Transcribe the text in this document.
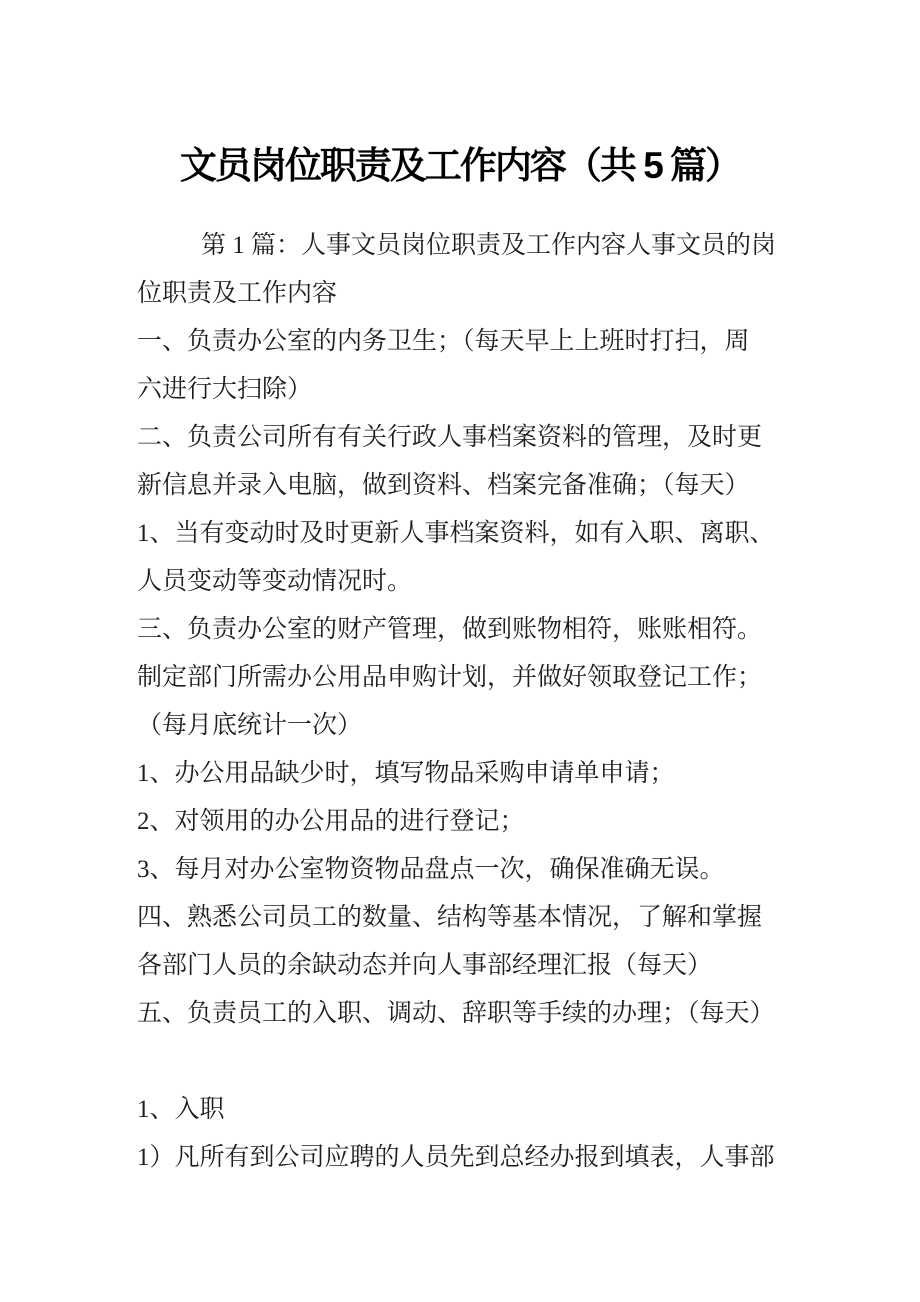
文员岗位职责及工作内容（共 5 篇）
第 1 篇：人事文员岗位职责及工作内容人事文员的岗
位职责及工作内容
一、负责办公室的内务卫生；（每天早上上班时打扫，周
六进行大扫除）
二、负责公司所有有关行政人事档案资料的管理，及时更
新信息并录入电脑，做到资料、档案完备准确；（每天）
1、当有变动时及时更新人事档案资料，如有入职、离职、
人员变动等变动情况时。
三、负责办公室的财产管理，做到账物相符，账账相符。
制定部门所需办公用品申购计划，并做好领取登记工作；
（每月底统计一次）
1、办公用品缺少时，填写物品采购申请单申请；
2、对领用的办公用品的进行登记；
3、每月对办公室物资物品盘点一次，确保准确无误。
四、熟悉公司员工的数量、结构等基本情况，了解和掌握
各部门人员的余缺动态并向人事部经理汇报（每天）
五、负责员工的入职、调动、辞职等手续的办理；（每天）
1、入职
1）凡所有到公司应聘的人员先到总经办报到填表，人事部
